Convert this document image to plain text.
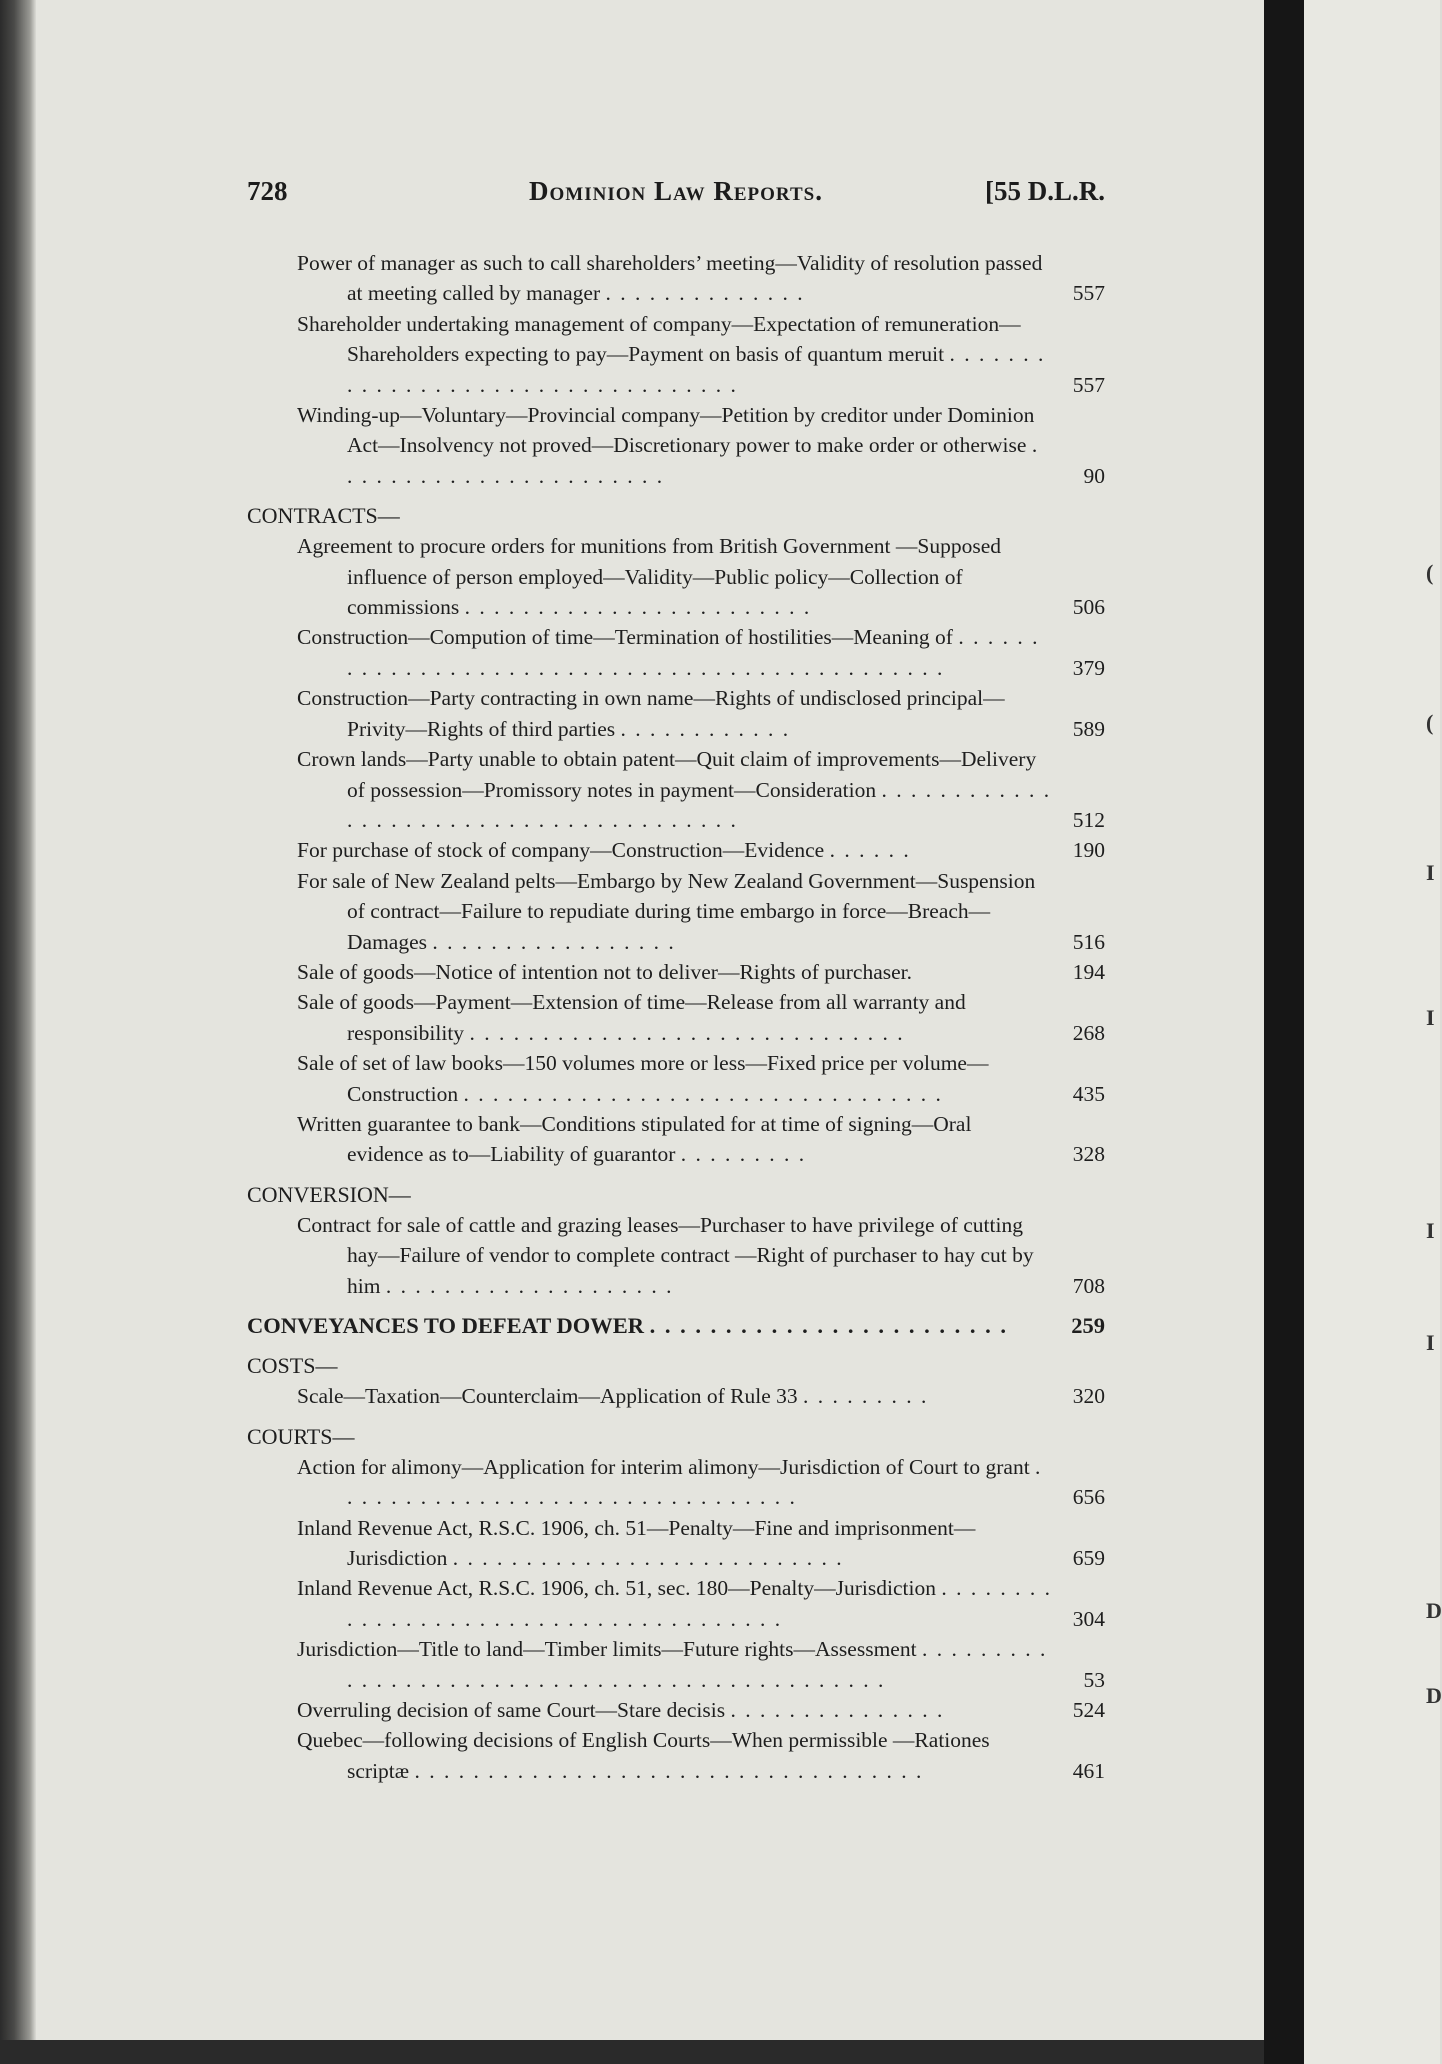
(
(
I
I
I
I
D
D
728	Dominion Law Reports.	[55 D.L.R.
Power of manager as such to call shareholders’ meeting—Validity of resolution passed at meeting called by manager . . . . . . . . . . . . . .	557
Shareholder undertaking management of company—Expectation of remuneration—Shareholders expecting to pay—Payment on basis of quantum meruit . . . . . . . . . . . . . . . . . . . . . . . . . . . . . . . . . .	557
Winding-up—Voluntary—Provincial company—Petition by creditor under Dominion Act—Insolvency not proved—Discretionary power to make order or otherwise . . . . . . . . . . . . . . . . . . . . . . .	90
CONTRACTS—
Agreement to procure orders for munitions from British Government —Supposed influence of person employed—Validity—Public policy—Collection of commissions . . . . . . . . . . . . . . . . . . . . . . . .	506
Construction—Compution of time—Termination of hostilities—Meaning of . . . . . . . . . . . . . . . . . . . . . . . . . . . . . . . . . . . . . . . . . . . . . . .	379
Construction—Party contracting in own name—Rights of undisclosed principal—Privity—Rights of third parties . . . . . . . . . . . .	589
Crown lands—Party unable to obtain patent—Quit claim of improvements—Delivery of possession—Promissory notes in payment—Consideration . . . . . . . . . . . . . . . . . . . . . . . . . . . . . . . . . . . . . . .	512
For purchase of stock of company—Construction—Evidence . . . . . .	190
For sale of New Zealand pelts—Embargo by New Zealand Government—Suspension of contract—Failure to repudiate during time embargo in force—Breach—Damages . . . . . . . . . . . . . . . . .	516
Sale of goods—Notice of intention not to deliver—Rights of purchaser.	194
Sale of goods—Payment—Extension of time—Release from all warranty and responsibility . . . . . . . . . . . . . . . . . . . . . . . . . . . . . .	268
Sale of set of law books—150 volumes more or less—Fixed price per volume—Construction . . . . . . . . . . . . . . . . . . . . . . . . . . . . . . . . .	435
Written guarantee to bank—Conditions stipulated for at time of signing—Oral evidence as to—Liability of guarantor . . . . . . . . .	328
CONVERSION—
Contract for sale of cattle and grazing leases—Purchaser to have privilege of cutting hay—Failure of vendor to complete contract —Right of purchaser to hay cut by him . . . . . . . . . . . . . . . . . . . .	708
CONVEYANCES TO DEFEAT DOWER . . . . . . . . . . . . . . . . . . . . . . . .	259
COSTS—
Scale—Taxation—Counterclaim—Application of Rule 33 . . . . . . . . .	320
COURTS—
Action for alimony—Application for interim alimony—Jurisdiction of Court to grant . . . . . . . . . . . . . . . . . . . . . . . . . . . . . . . .	656
Inland Revenue Act, R.S.C. 1906, ch. 51—Penalty—Fine and imprisonment—Jurisdiction . . . . . . . . . . . . . . . . . . . . . . . . . . .	659
Inland Revenue Act, R.S.C. 1906, ch. 51, sec. 180—Penalty—Jurisdiction . . . . . . . . . . . . . . . . . . . . . . . . . . . . . . . . . . . . . .	304
Jurisdiction—Title to land—Timber limits—Future rights—Assessment . . . . . . . . . . . . . . . . . . . . . . . . . . . . . . . . . . . . . . . . . . . . . .	53
Overruling decision of same Court—Stare decisis . . . . . . . . . . . . . . .	524
Quebec—following decisions of English Courts—When permissible —Rationes scriptæ . . . . . . . . . . . . . . . . . . . . . . . . . . . . . . . . . . .	461
